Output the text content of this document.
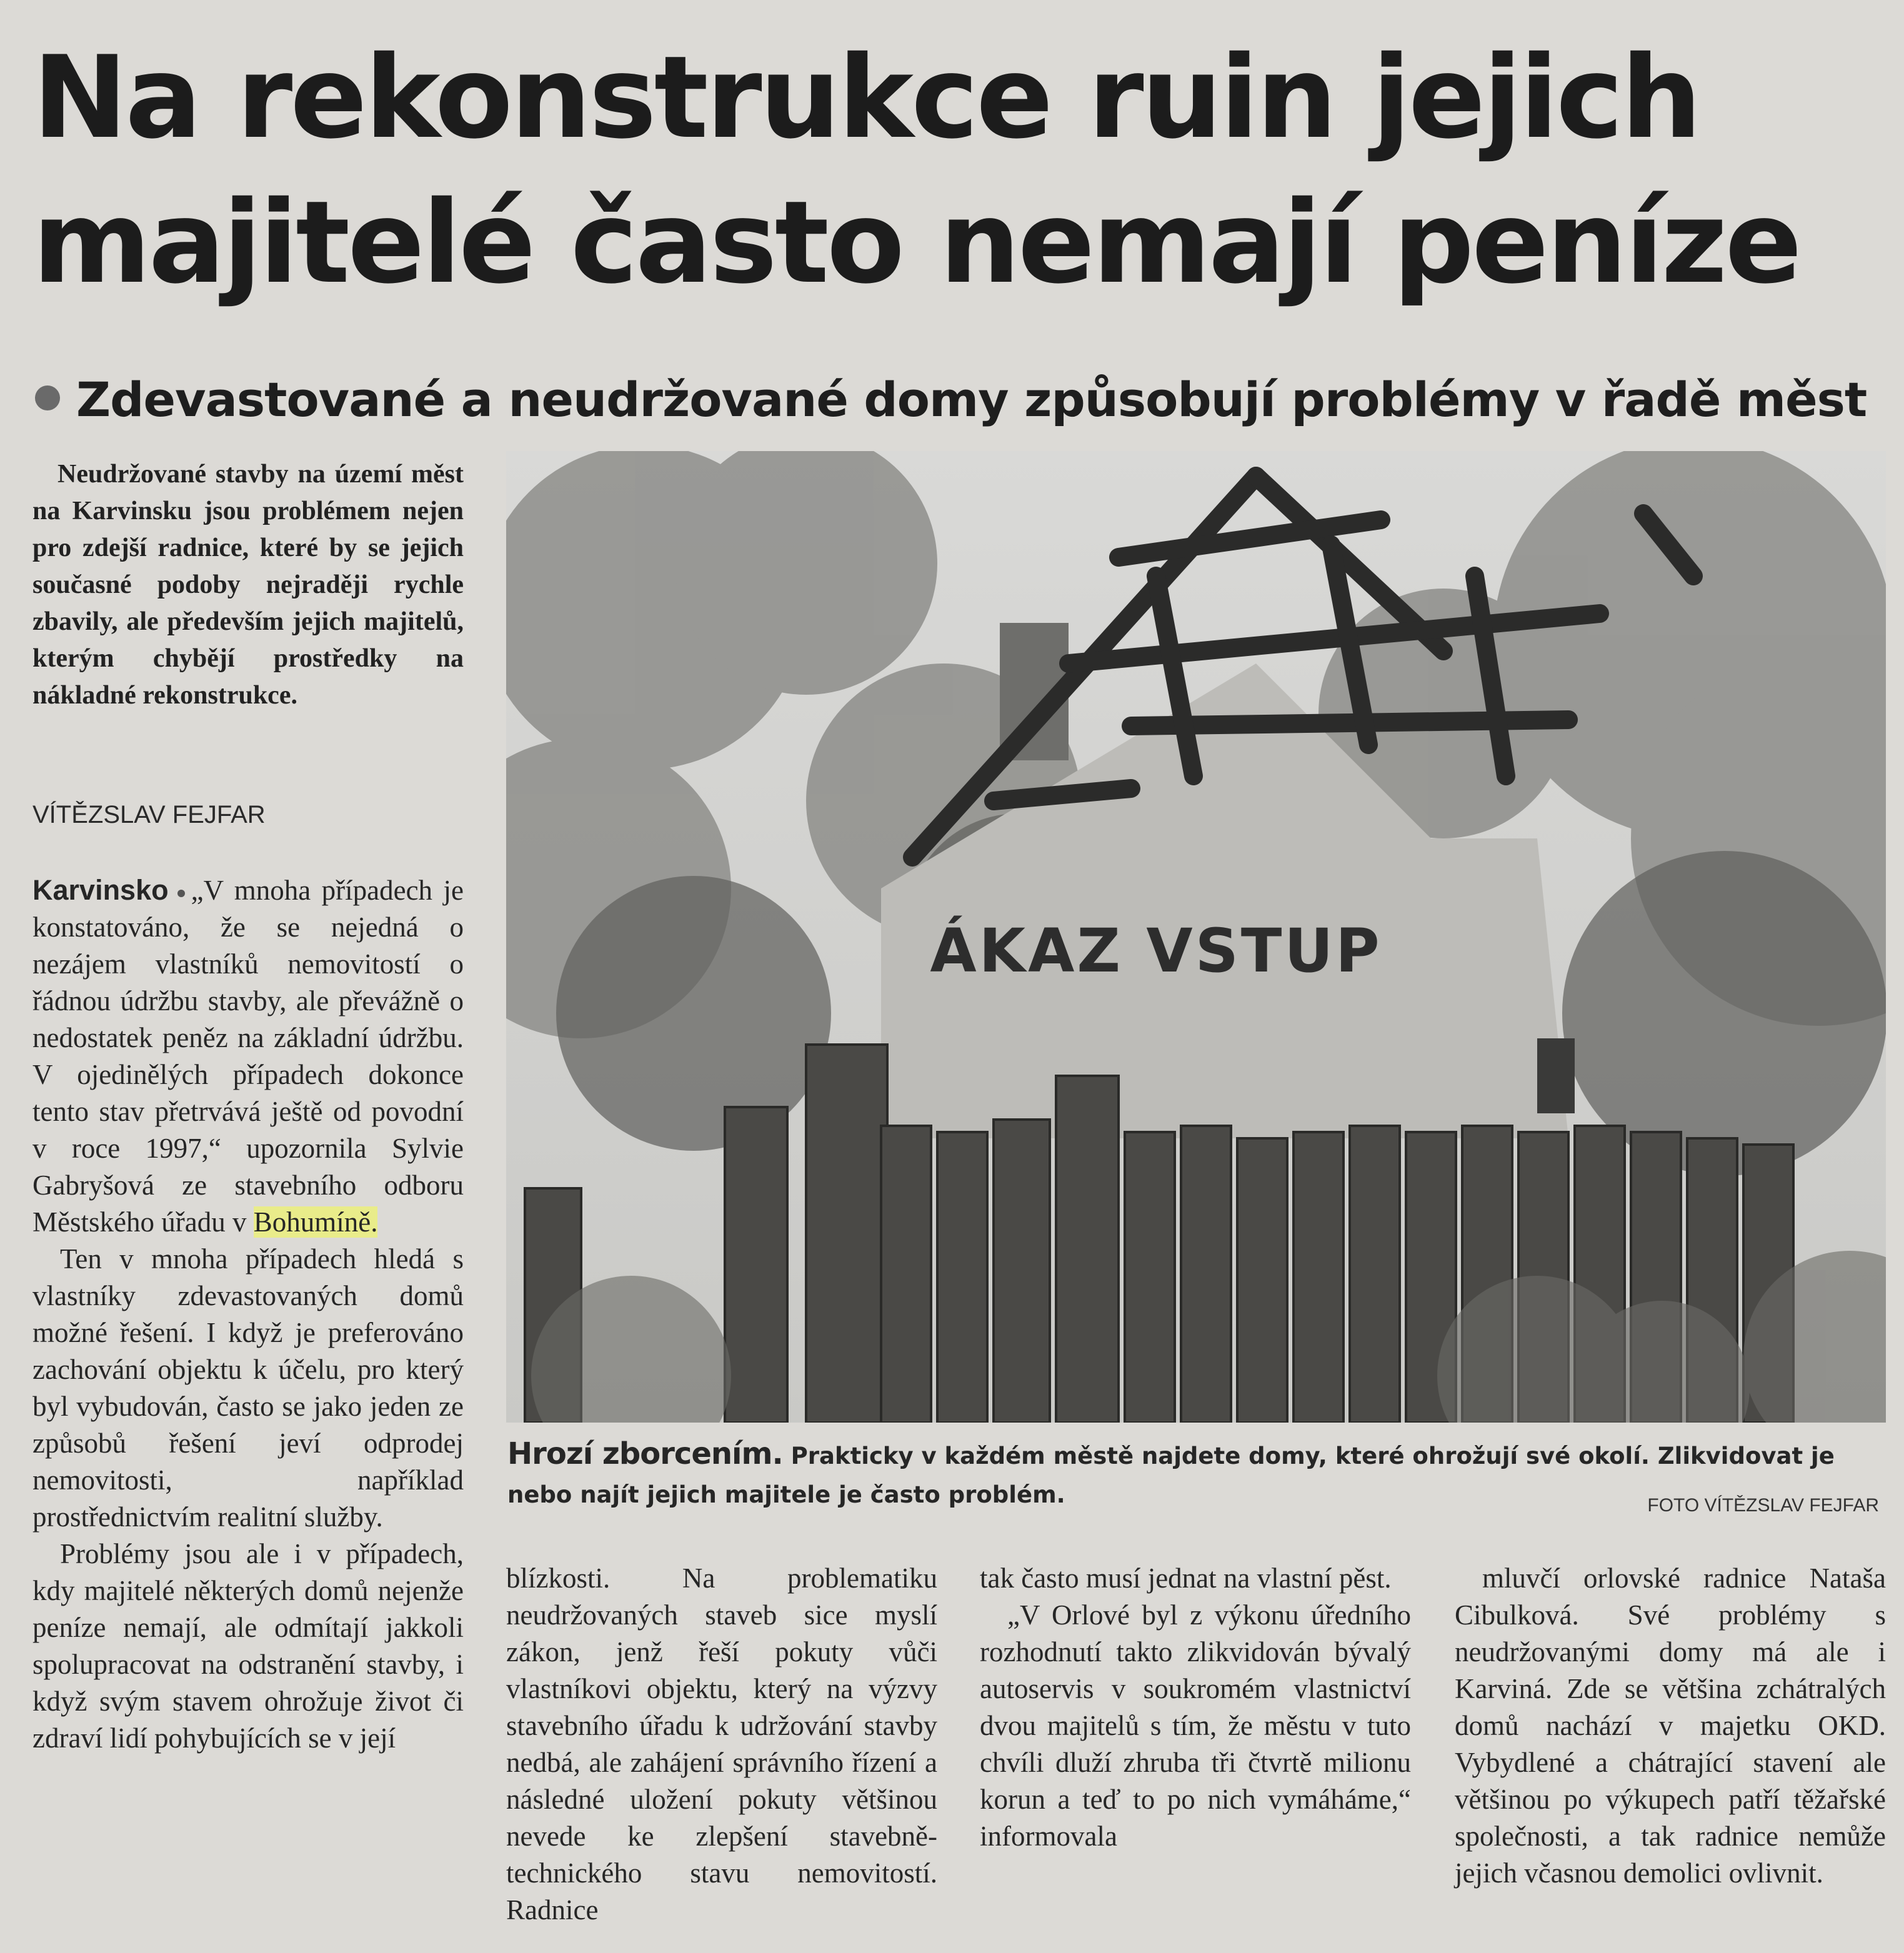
Na rekonstrukce ruin jejich majitelé často nemají peníze
Zdevastované a neudržované domy způsobují problémy v řadě měst

Neudržované stavby na území měst na Karvinsku jsou problémem nejen pro zdejší radnice, které by se jejich současné podoby nejraději rychle zbavily, ale především jejich majitelů, kterým chybějí prostředky na nákladné rekonstrukce.

VÍTĚZSLAV FEJFAR

Karvinsko „V mnoha případech je konstatováno, že se nejedná o nezájem vlastníků nemovitostí o řádnou údržbu stavby, ale převážně o nedostatek peněz na základní údržbu. V ojedinělých případech dokonce tento stav přetrvává ještě od povodní v roce 1997,“ upozornila Sylvie Gabryšová ze stavebního odboru Městského úřadu v Bohumíně.

Ten v mnoha případech hledá s vlastníky zdevastovaných domů možné řešení. I když je preferováno zachování objektu k účelu, pro který byl vybudován, často se jako jeden ze způsobů řešení jeví odprodej nemovitosti, například prostřednictvím realitní služby.

Problémy jsou ale i v případech, kdy majitelé některých domů nejenže peníze nemají, ale odmítají jakkoli spolupracovat na odstranění stavby, i když svým stavem ohrožuje život či zdraví lidí pohybujících se v její

ÁKAZ VSTUP

Hrozí zborcením. Prakticky v každém městě najdete domy, které ohrožují své okolí. Zlikvidovat je nebo najít jejich majitele je často problém.	FOTO VÍTĚZSLAV FEJFAR

blízkosti. Na problematiku neudržovaných staveb sice myslí zákon, jenž řeší pokuty vůči vlastníkovi objektu, který na výzvy stavebního úřadu k udržování stavby nedbá, ale zahájení správního řízení a následné uložení pokuty většinou nevede ke zlepšení stavebně-technického stavu nemovitostí. Radnice

tak často musí jednat na vlastní pěst.

„V Orlové byl z výkonu úředního rozhodnutí takto zlikvidován bývalý autoservis v soukromém vlastnictví dvou majitelů s tím, že městu v tuto chvíli dluží zhruba tři čtvrtě milionu korun a teď to po nich vymáháme,“ informovala

mluvčí orlovské radnice Nataša Cibulková. Své problémy s neudržovanými domy má ale i Karviná. Zde se většina zchátralých domů nachází v majetku OKD. Vybydlené a chátrající stavení ale většinou po výkupech patří těžařské společnosti, a tak radnice nemůže jejich včasnou demolici ovlivnit.
